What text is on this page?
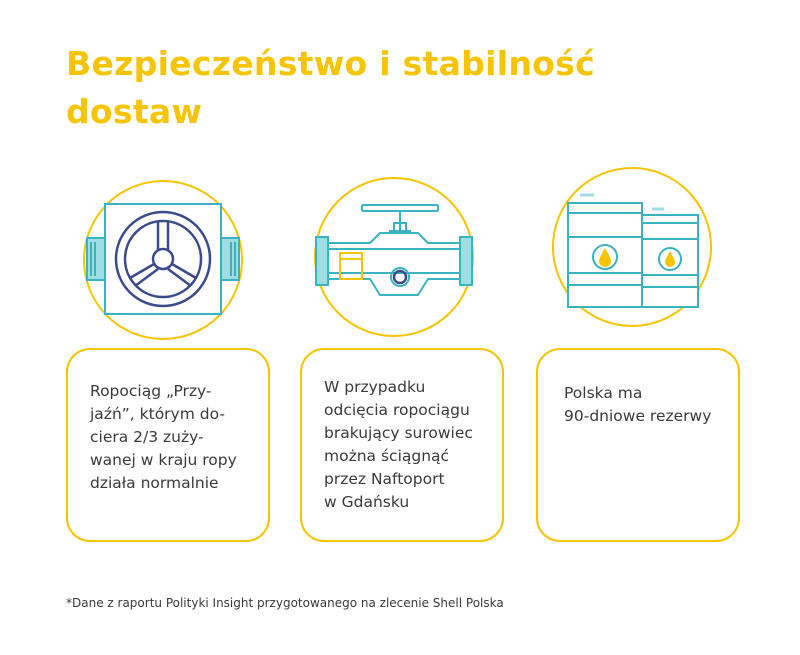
Bezpieczeństwo i stabilność dostaw

Ropociąg „Przy-
jaźń”, którym do-
ciera 2/3 zuży-
wanej w kraju ropy
działa normalnie

W przypadku
odcięcia ropociągu
brakujący surowiec
można ściągnąć
przez Naftoport
w Gdańsku

Polska ma
90-dniowe rezerwy

*Dane z raportu Polityki Insight przygotowanego na zlecenie Shell Polska
